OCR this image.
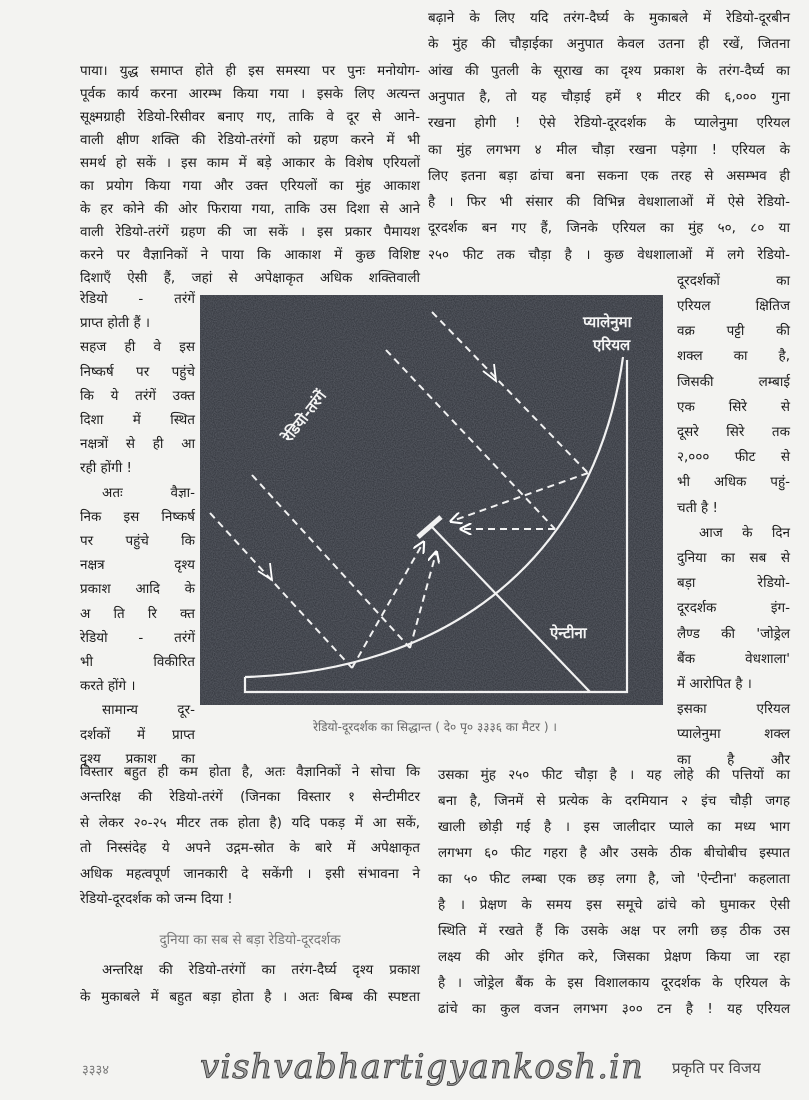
पाया। युद्ध समाप्त होते ही इस समस्या पर पुनः मनोयोग-
पूर्वक कार्य करना आरम्भ किया गया । इसके लिए अत्यन्त
सूक्ष्मग्राही रेडियो-रिसीवर बनाए गए, ताकि वे दूर से आने-
वाली क्षीण शक्ति की रेडियो-तरंगों को ग्रहण करने में भी
समर्थ हो सकें । इस काम में बड़े आकार के विशेष एरियलों
का प्रयोग किया गया और उक्त एरियलों का मुंह आकाश
के हर कोने की ओर फिराया गया, ताकि उस दिशा से आने
वाली रेडियो-तरंगें ग्रहण की जा सकें । इस प्रकार पैमायश
करने पर वैज्ञानिकों ने पाया कि आकाश में कुछ विशिष्ट
दिशाएँ ऐसी हैं, जहां से अपेक्षाकृत अधिक शक्तिवाली
बढ़ाने के लिए यदि तरंग-दैर्घ्य के मुकाबले में रेडियो-दूरबीन
के मुंह की चौड़ाईका अनुपात केवल उतना ही रखें, जितना
आंख की पुतली के सूराख का दृश्य प्रकाश के तरंग-दैर्घ्य का
अनुपात है, तो यह चौड़ाई हमें १ मीटर की ६,००० गुना
रखना होगी ! ऐसे रेडियो-दूरदर्शक के प्यालेनुमा एरियल
का मुंह लगभग ४ मील चौड़ा रखना पड़ेगा ! एरियल के
लिए इतना बड़ा ढांचा बना सकना एक तरह से असम्भव ही
है । फिर भी संसार की विभिन्न वेधशालाओं में ऐसे रेडियो-
दूरदर्शक बन गए हैं, जिनके एरियल का मुंह ५०, ८० या
२५० फीट तक चौड़ा है । कुछ वेधशालाओं में लगे रेडियो-
दूरदर्शकों का
रेडियो - तरंगें
प्राप्त होती हैं ।
सहज ही वे इस
निष्कर्ष पर पहुंचे
कि ये तरंगें उक्त
दिशा में स्थित
नक्षत्रों से ही आ
रही होंगी !
अतः वैज्ञा-
निक इस निष्कर्ष
पर पहुंचे कि
नक्षत्र दृश्य
प्रकाश आदि के
अ ति रि क्त
रेडियो - तरंगें
भी विकीरित
करते होंगे ।
सामान्य दूर-
दर्शकों में प्राप्त
दृश्य प्रकाश का
एरियल क्षितिज
वक्र पट्टी की
शक्ल का है,
जिसकी लम्बाई
एक सिरे से
दूसरे सिरे तक
२,००० फीट से
भी अधिक पहुं-
चती है !
आज के दिन
दुनिया का सब से
बड़ा रेडियो-
दूरदर्शक इंग-
लैण्ड की 'जोड्रेल
बैंक वेधशाला'
में आरोपित है ।
इसका एरियल
प्यालेनुमा शक्ल
का है और
विस्तार बहुत ही कम होता है, अतः वैज्ञानिकों ने सोचा कि
अन्तरिक्ष की रेडियो-तरंगें (जिनका विस्तार १ सेन्टीमीटर
से लेकर २०-२५ मीटर तक होता है) यदि पकड़ में आ सकें,
तो निस्संदेह ये अपने उद्गम-स्रोत के बारे में अपेक्षाकृत
अधिक महत्वपूर्ण जानकारी दे सकेंगी । इसी संभावना ने
रेडियो-दूरदर्शक को जन्म दिया !
अन्तरिक्ष की रेडियो-तरंगों का तरंग-दैर्घ्य दृश्य प्रकाश
के मुकाबले में बहुत बड़ा होता है । अतः बिम्ब की स्पष्टता
उसका मुंह २५० फीट चौड़ा है । यह लोहे की पत्तियों का
बना है, जिनमें से प्रत्येक के दरमियान २ इंच चौड़ी जगह
खाली छोड़ी गई है । इस जालीदार प्याले का मध्य भाग
लगभग ६० फीट गहरा है और उसके ठीक बीचोबीच इस्पात
का ५० फीट लम्बा एक छड़ लगा है, जो 'ऐन्टीना' कहलाता
है । प्रेक्षण के समय इस समूचे ढांचे को घुमाकर ऐसी
स्थिति में रखते हैं कि उसके अक्ष पर लगी छड़ ठीक उस
लक्ष्य की ओर इंगित करे, जिसका प्रेक्षण किया जा रहा
है । जोड्रेल बैंक के इस विशालकाय दूरदर्शक के एरियल के
ढांचे का कुल वजन लगभग ३०० टन है ! यह एरियल
रेडियो-तरंगें
प्यालेनुमा
एरियल
ऐन्टीना
रेडियो-दूरदर्शक का सिद्धान्त ( दे० पृ० ३३३६ का मैटर ) ।
दुनिया का सब से बड़ा रेडियो-दूरदर्शक
३३३४	vishvabhartigyankosh.in प्रकृति पर विजय
